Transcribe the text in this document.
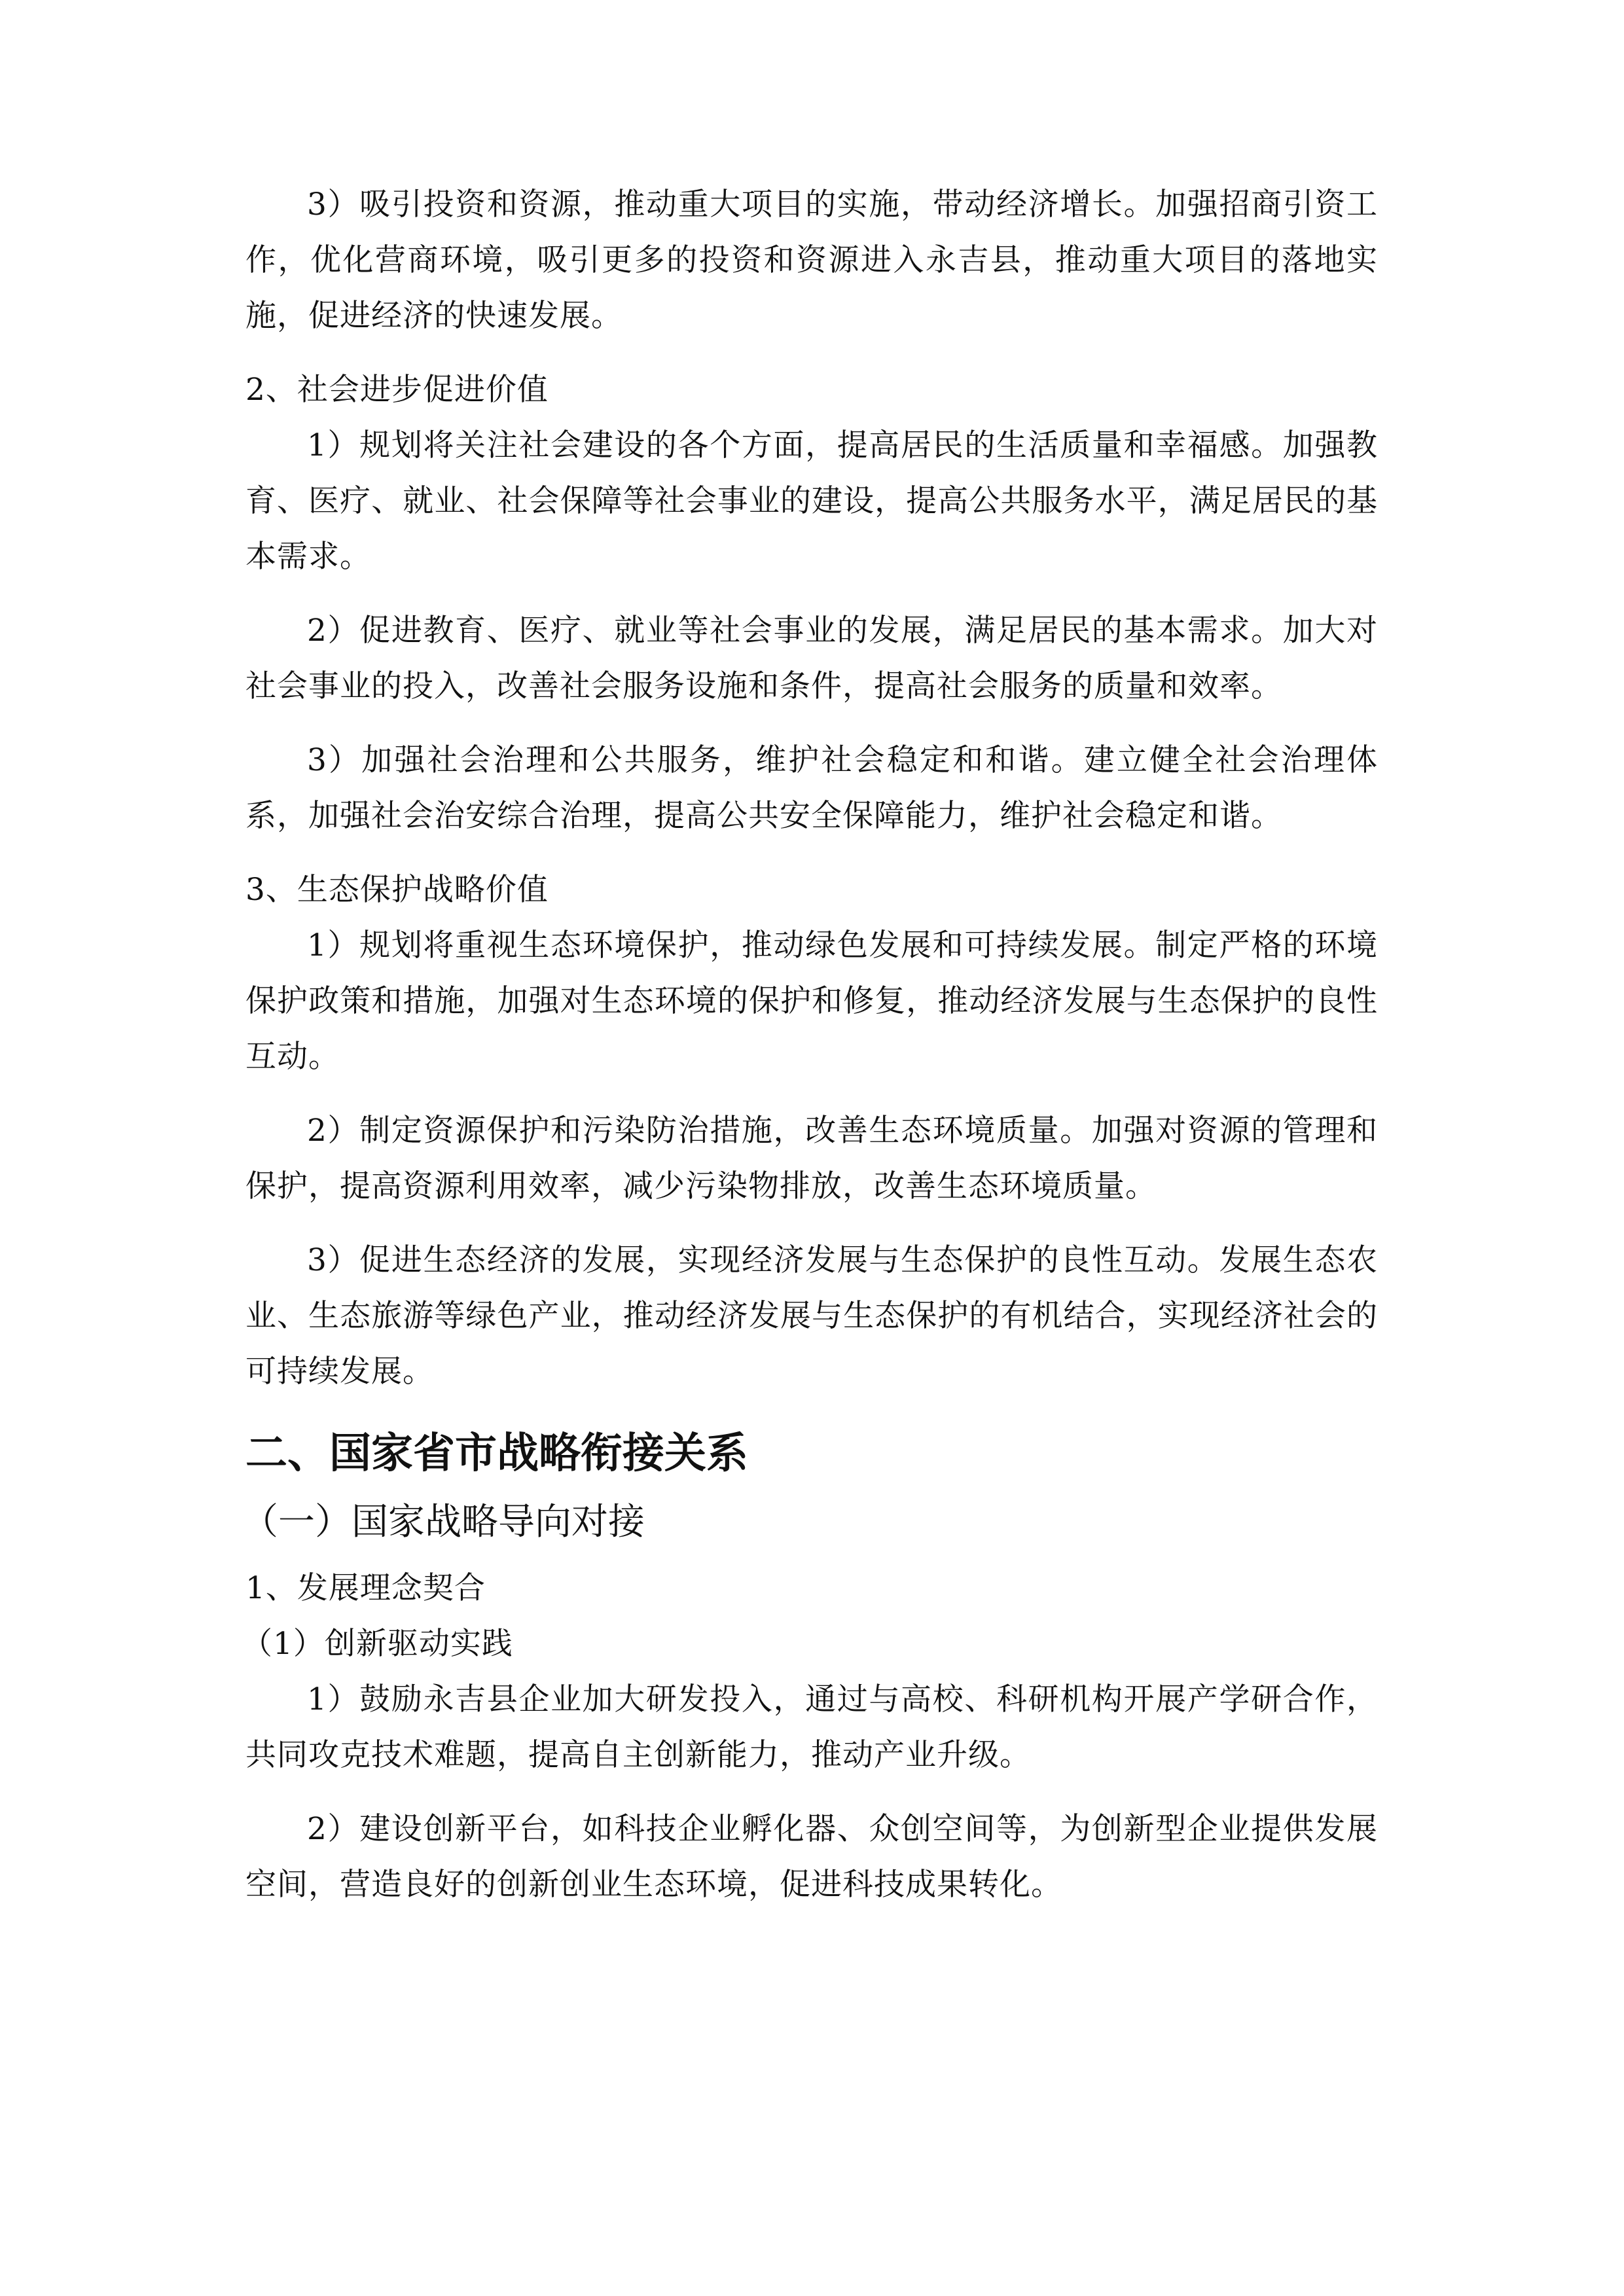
3）吸引投资和资源，推动重大项目的实施，带动经济增长。加强招商引资工作，优化营商环境，吸引更多的投资和资源进入永吉县，推动重大项目的落地实施，促进经济的快速发展。

2、社会进步促进价值

1）规划将关注社会建设的各个方面，提高居民的生活质量和幸福感。加强教育、医疗、就业、社会保障等社会事业的建设，提高公共服务水平，满足居民的基本需求。

2）促进教育、医疗、就业等社会事业的发展，满足居民的基本需求。加大对社会事业的投入，改善社会服务设施和条件，提高社会服务的质量和效率。

3）加强社会治理和公共服务，维护社会稳定和和谐。建立健全社会治理体系，加强社会治安综合治理，提高公共安全保障能力，维护社会稳定和谐。

3、生态保护战略价值

1）规划将重视生态环境保护，推动绿色发展和可持续发展。制定严格的环境保护政策和措施，加强对生态环境的保护和修复，推动经济发展与生态保护的良性互动。

2）制定资源保护和污染防治措施，改善生态环境质量。加强对资源的管理和保护，提高资源利用效率，减少污染物排放，改善生态环境质量。

3）促进生态经济的发展，实现经济发展与生态保护的良性互动。发展生态农业、生态旅游等绿色产业，推动经济发展与生态保护的有机结合，实现经济社会的可持续发展。

二、国家省市战略衔接关系
（一）国家战略导向对接
1、发展理念契合
（1）创新驱动实践

1）鼓励永吉县企业加大研发投入，通过与高校、科研机构开展产学研合作，共同攻克技术难题，提高自主创新能力，推动产业升级。

2）建设创新平台，如科技企业孵化器、众创空间等，为创新型企业提供发展空间，营造良好的创新创业生态环境，促进科技成果转化。
